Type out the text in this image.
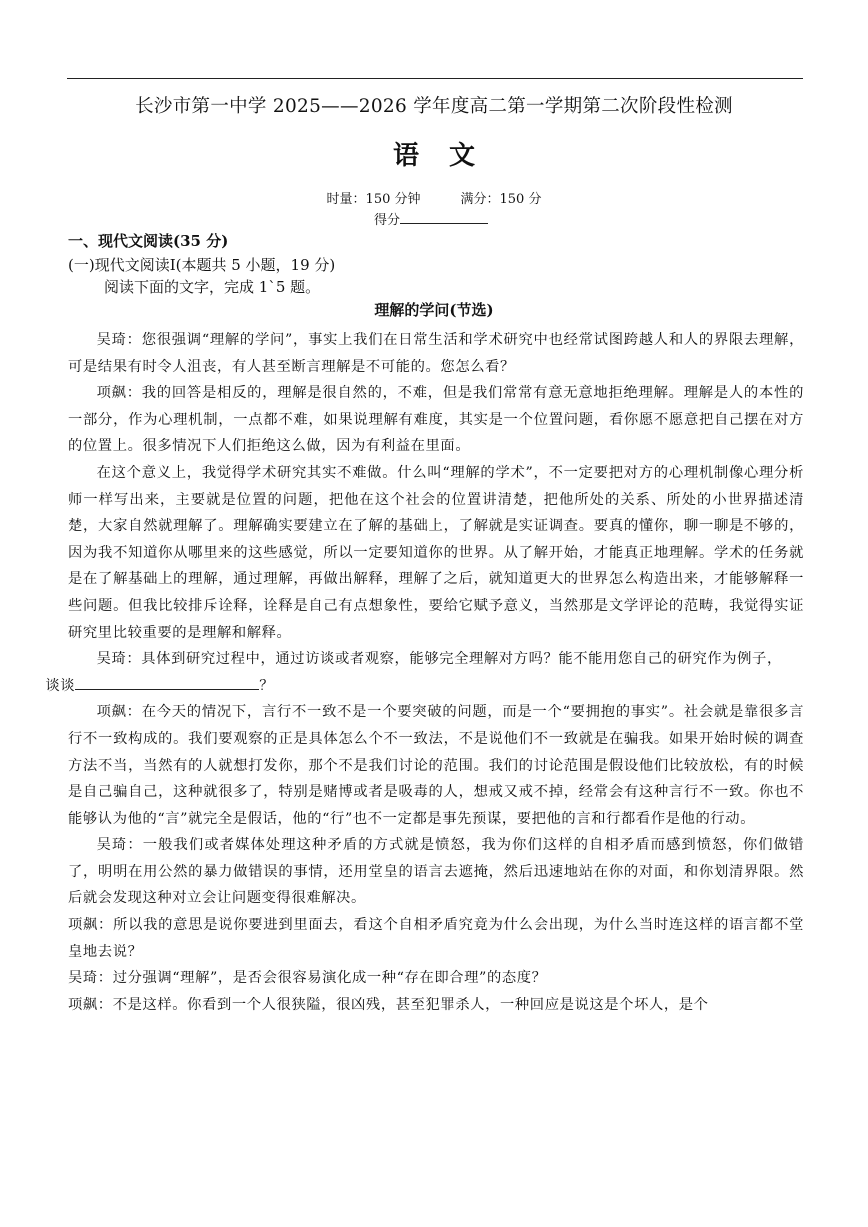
长沙市第一中学 2025——2026 学年度高二第一学期第二次阶段性检测
语文
时量：150 分钟	满分：150 分
得分
一、现代文阅读(35 分)
(一)现代文阅读Ⅰ(本题共 5 小题，19 分)
阅读下面的文字，完成 1`5 题。
理解的学问(节选)

吴琦：您很强调“理解的学问”，事实上我们在日常生活和学术研究中也经常试图跨越人和人的界限去理解，可是结果有时令人沮丧，有人甚至断言理解是不可能的。您怎么看？

项飙：我的回答是相反的，理解是很自然的，不难，但是我们常常有意无意地拒绝理解。理解是人的本性的一部分，作为心理机制，一点都不难，如果说理解有难度，其实是一个位置问题，看你愿不愿意把自己摆在对方的位置上。很多情况下人们拒绝这么做，因为有利益在里面。

在这个意义上，我觉得学术研究其实不难做。什么叫“理解的学术”，不一定要把对方的心理机制像心理分析师一样写出来，主要就是位置的问题，把他在这个社会的位置讲清楚，把他所处的关系、所处的小世界描述清楚，大家自然就理解了。理解确实要建立在了解的基础上，了解就是实证调查。要真的懂你，聊一聊是不够的，因为我不知道你从哪里来的这些感觉，所以一定要知道你的世界。从了解开始，才能真正地理解。学术的任务就是在了解基础上的理解，通过理解，再做出解释，理解了之后，就知道更大的世界怎么构造出来，才能够解释一些问题。但我比较排斥诠释，诠释是自己有点想象性，要给它赋予意义，当然那是文学评论的范畴，我觉得实证研究里比较重要的是理解和解释。

吴琦：具体到研究过程中，通过访谈或者观察，能够完全理解对方吗？能不能用您自己的研究作为例子，
谈谈	？

项飙：在今天的情况下，言行不一致不是一个要突破的问题，而是一个“要拥抱的事实”。社会就是靠很多言行不一致构成的。我们要观察的正是具体怎么个不一致法，不是说他们不一致就是在骗我。如果开始时候的调查方法不当，当然有的人就想打发你，那个不是我们讨论的范围。我们的讨论范围是假设他们比较放松，有的时候是自己骗自己，这种就很多了，特别是赌博或者是吸毒的人，想戒又戒不掉，经常会有这种言行不一致。你也不能够认为他的“言”就完全是假话，他的“行”也不一定都是事先预谋，要把他的言和行都看作是他的行动。

吴琦：一般我们或者媒体处理这种矛盾的方式就是愤怒，我为你们这样的自相矛盾而感到愤怒，你们做错了，明明在用公然的暴力做错误的事情，还用堂皇的语言去遮掩，然后迅速地站在你的对面，和你划清界限。然后就会发现这种对立会让问题变得很难解决。

项飙：所以我的意思是说你要进到里面去，看这个自相矛盾究竟为什么会出现，为什么当时连这样的语言都不堂皇地去说？

吴琦：过分强调“理解”，是否会很容易演化成一种“存在即合理”的态度？

项飙：不是这样。你看到一个人很狭隘，很凶残，甚至犯罪杀人，一种回应是说这是个坏人，是个
